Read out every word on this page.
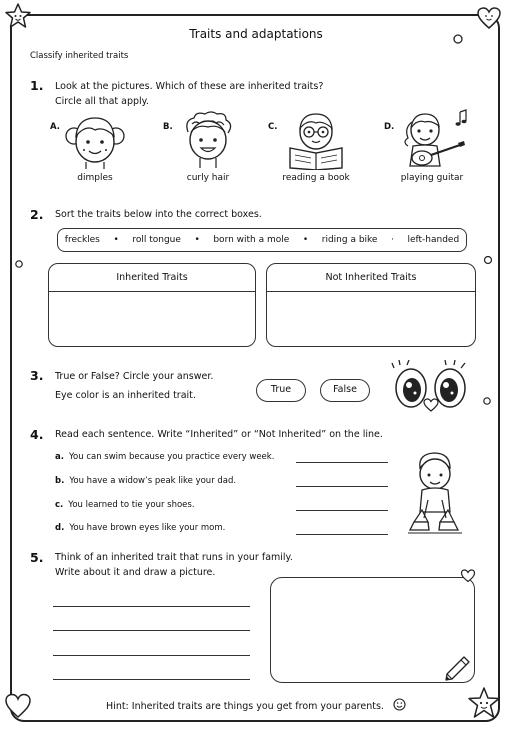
Traits and adaptations
Classify inherited traits
1. Look at the pictures. Which of these are inherited traits?
Circle all that apply.
A.
dimples
B.
curly hair
C.
reading a book
D.
playing guitar
2. Sort the traits below into the correct boxes.
freckles • roll tongue • born with a mole • riding a bike · left-handed
Inherited Traits	Not Inherited Traits
3. True or False? Circle your answer.
Eye color is an inherited trait.
True	False
4. Read each sentence. Write “Inherited” or “Not Inherited” on the line.
a. You can swim because you practice every week.
b. You have a widow’s peak like your dad.
c. You learned to tie your shoes.
d. You have brown eyes like your mom.
5. Think of an inherited trait that runs in your family.
Write about it and draw a picture.
Hint: Inherited traits are things you get from your parents.
